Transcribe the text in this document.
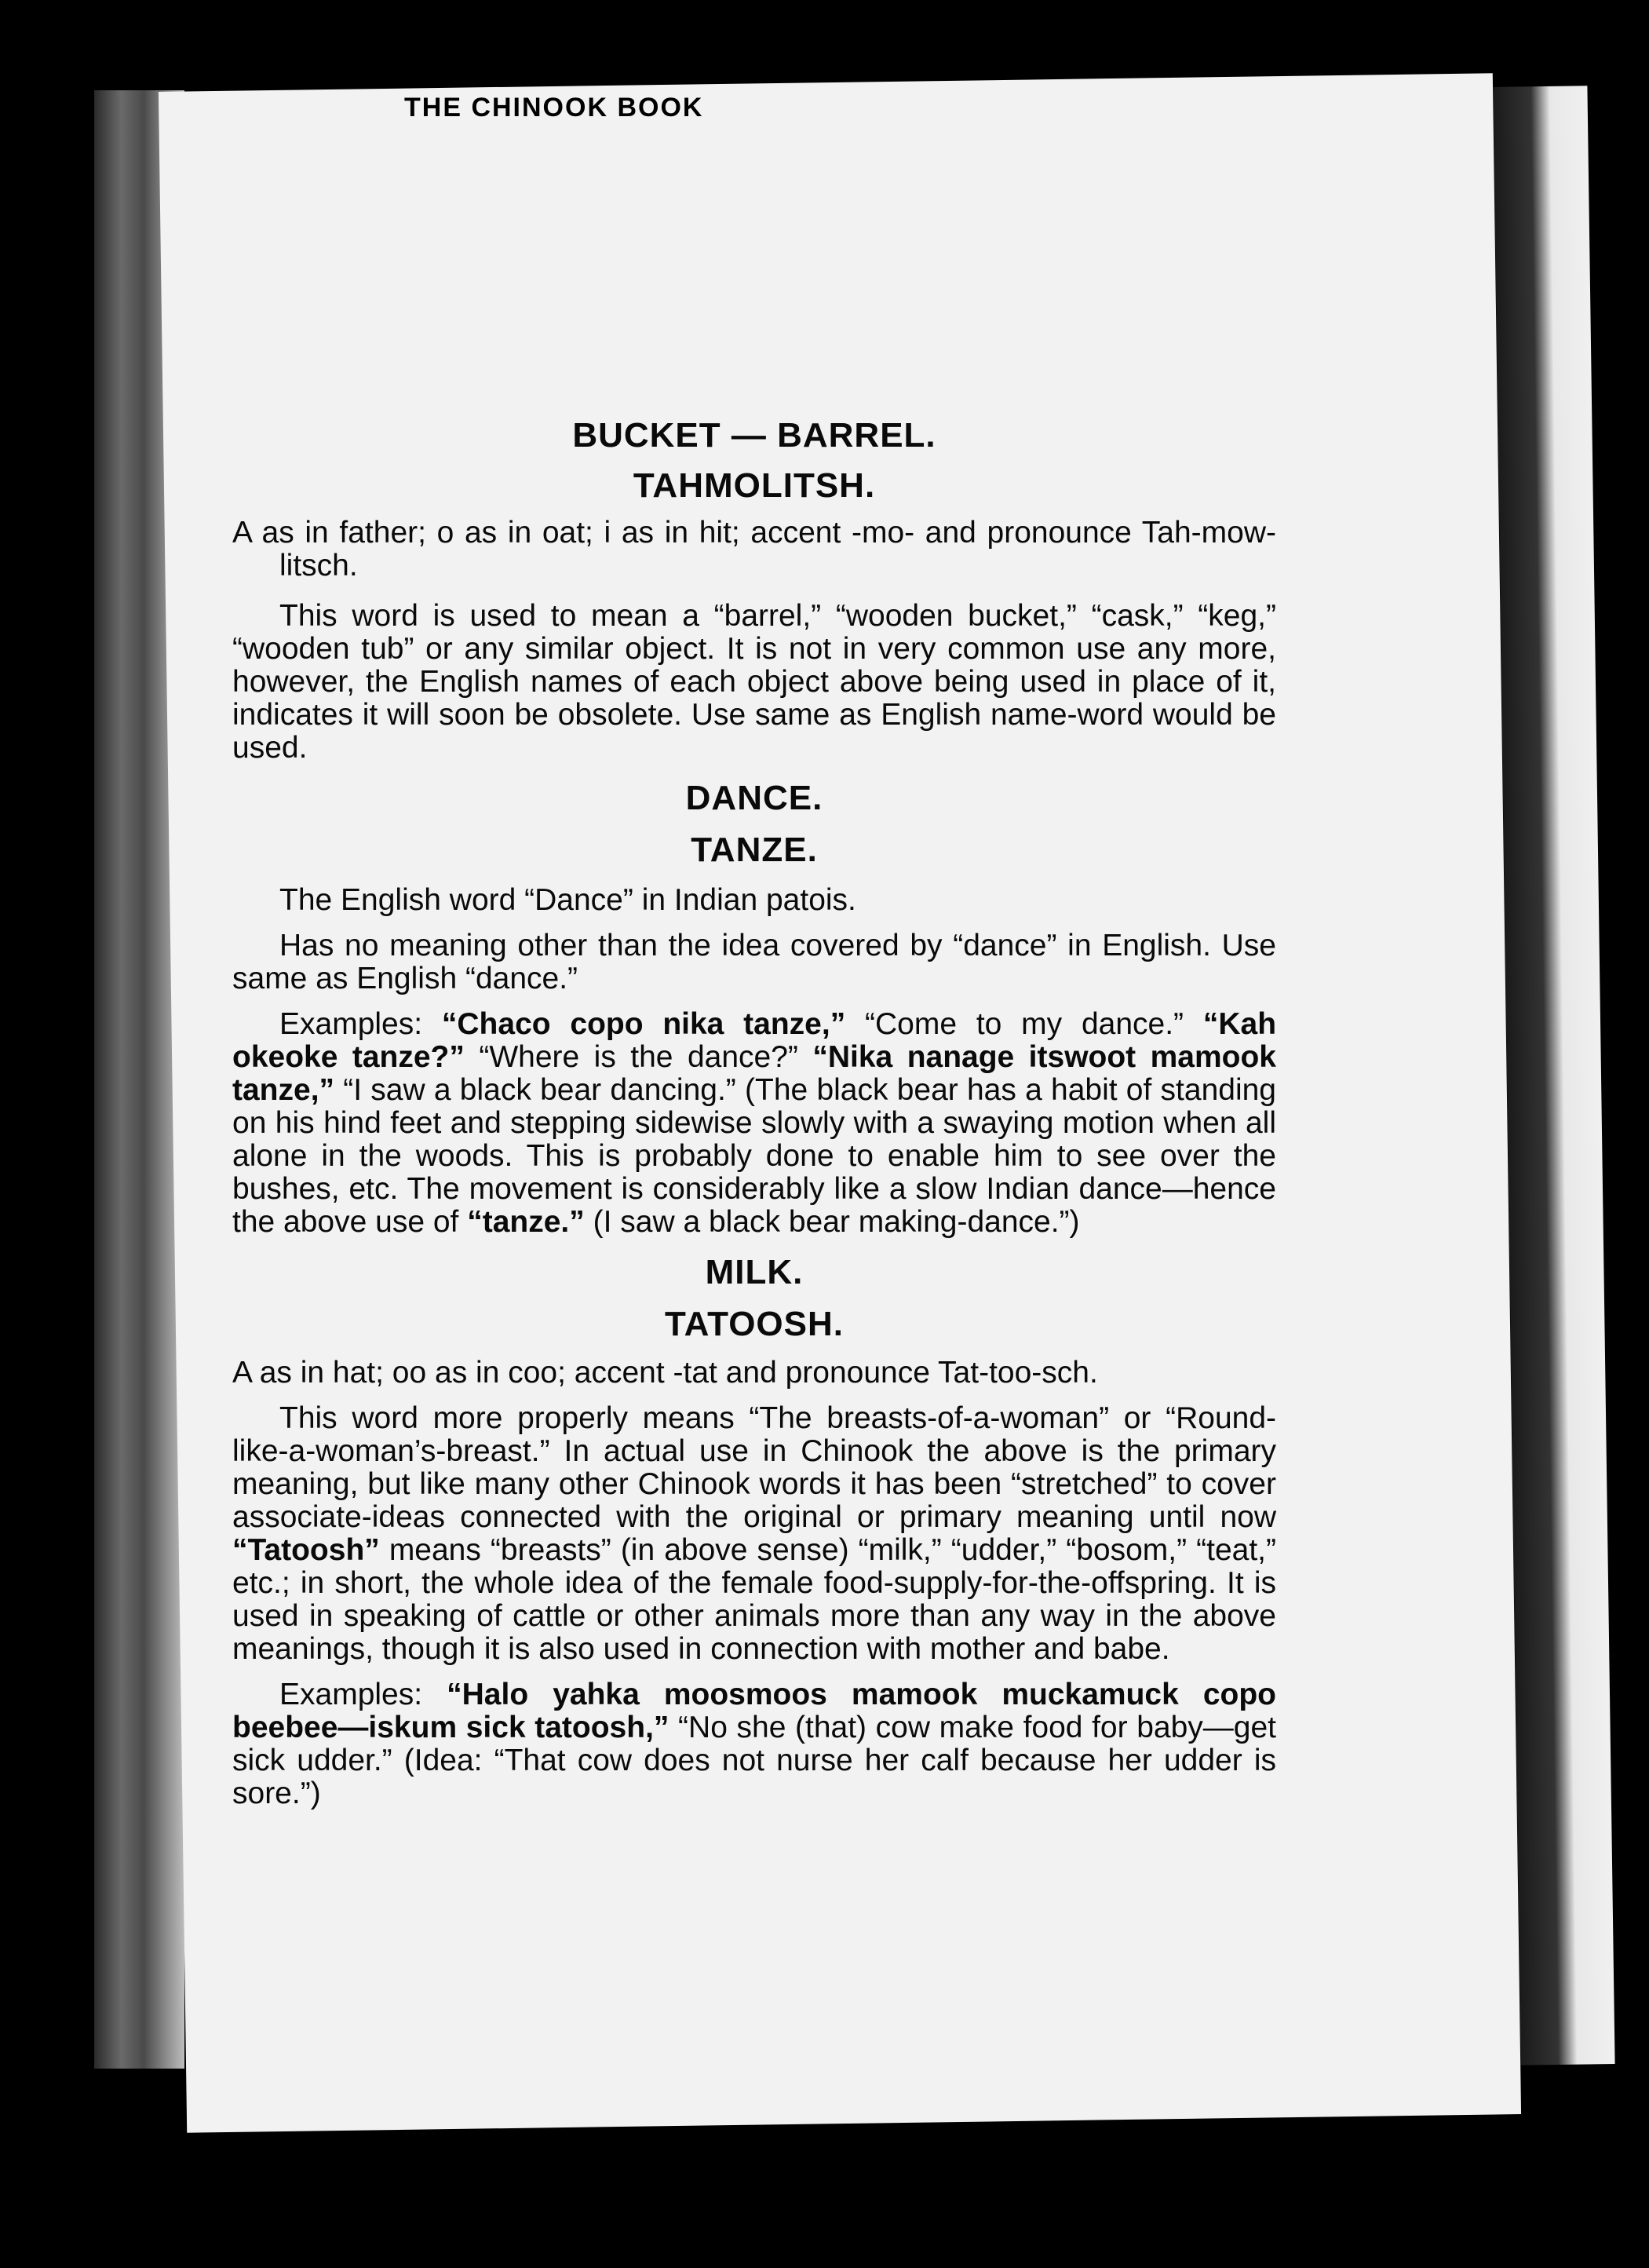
98	THE CHINOOK BOOK
BUCKET — BARREL.
TAHMOLITSH.

A as in father; o as in oat; i as in hit; accent -mo- and pronounce Tah-mow-litsch.

This word is used to mean a “barrel,” “wooden bucket,” “cask,” “keg,” “wooden tub” or any similar object. It is not in very common use any more, however, the English names of each object above being used in place of it, indicates it will soon be obsolete. Use same as English name-word would be used.

DANCE.
TANZE.

The English word “Dance” in Indian patois.

Has no meaning other than the idea covered by “dance” in English. Use same as English “dance.”

Examples: “Chaco copo nika tanze,” “Come to my dance.” “Kah okeoke tanze?” “Where is the dance?” “Nika nanage itswoot mamook tanze,” “I saw a black bear dancing.” (The black bear has a habit of standing on his hind feet and stepping sidewise slowly with a swaying motion when all alone in the woods. This is probably done to enable him to see over the bushes, etc. The movement is considerably like a slow Indian dance—hence the above use of “tanze.” (I saw a black bear making-dance.”)

MILK.
TATOOSH.

A as in hat; oo as in coo; accent -tat and pronounce Tat-too-sch.

This word more properly means “The breasts-of-a-woman” or “Round-like-a-woman’s-breast.” In actual use in Chinook the above is the primary meaning, but like many other Chinook words it has been “stretched” to cover associate-ideas connected with the original or primary meaning until now “Tatoosh” means “breasts” (in above sense) “milk,” “udder,” “bosom,” “teat,” etc.; in short, the whole idea of the female food-supply-for-the-offspring. It is used in speaking of cattle or other animals more than any way in the above meanings, though it is also used in connection with mother and babe.

Examples: “Halo yahka moosmoos mamook muckamuck copo beebee—iskum sick tatoosh,” “No she (that) cow make food for baby—get sick udder.” (Idea: “That cow does not nurse her calf because her udder is sore.”)
